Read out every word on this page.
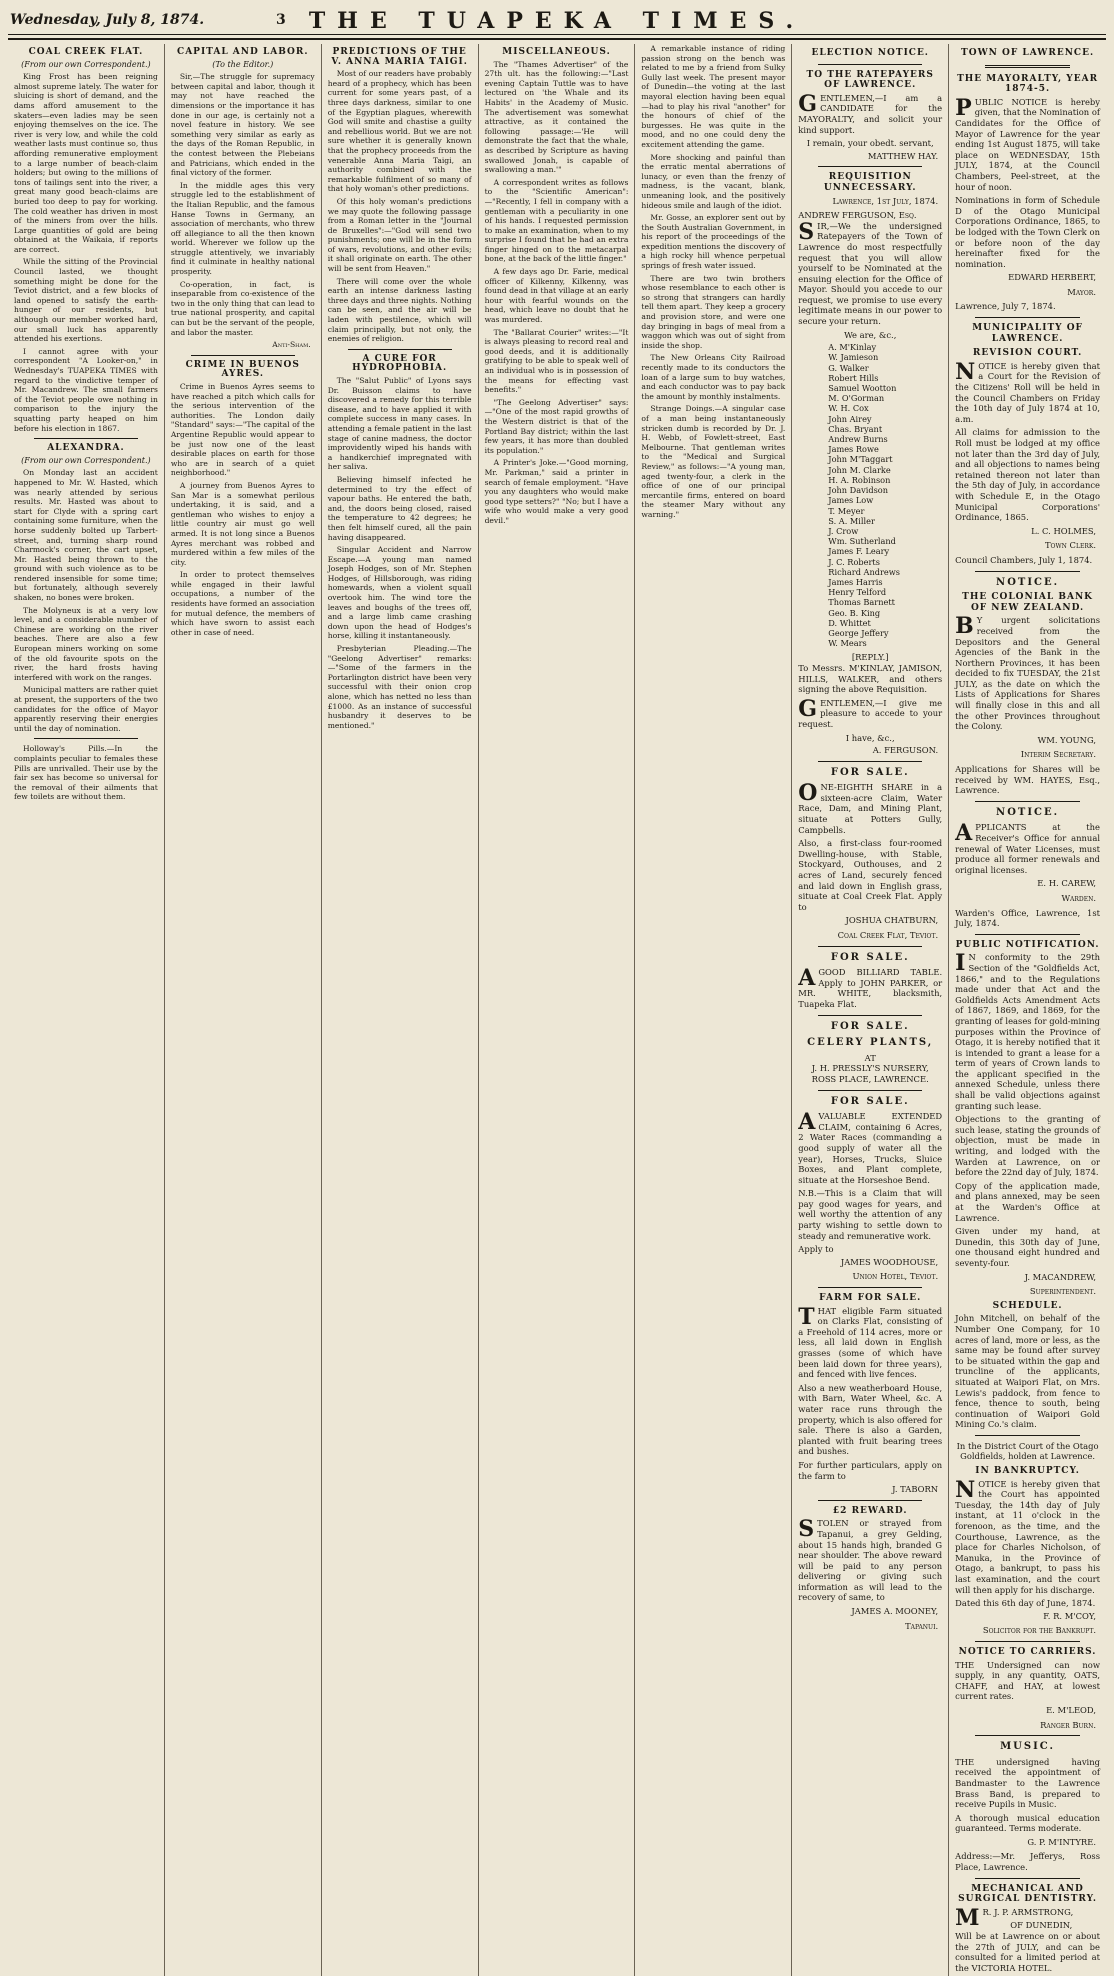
Wednesday, July 8, 1874.	3	THE TUAPEKA TIMES.
COAL CREEK FLAT.
(From our own Correspondent.)

King Frost has been reigning almost supreme lately. The water for sluicing is short of demand, and the dams afford amusement to the skaters—even ladies may be seen enjoying themselves on the ice. The river is very low, and while the cold weather lasts must continue so, thus affording remunerative employment to a large number of beach-claim holders; but owing to the millions of tons of tailings sent into the river, a great many good beach-claims are buried too deep to pay for working. The cold weather has driven in most of the miners from over the hills. Large quantities of gold are being obtained at the Waikaia, if reports are correct.

While the sitting of the Provincial Council lasted, we thought something might be done for the Teviot district, and a few blocks of land opened to satisfy the earth-hunger of our residents, but although our member worked hard, our small luck has apparently attended his exertions.

I cannot agree with your correspondent "A Looker-on," in Wednesday's TUAPEKA TIMES with regard to the vindictive temper of Mr. Macandrew. The small farmers of the Teviot people owe nothing in comparison to the injury the squatting party heaped on him before his election in 1867.

ALEXANDRA.
(From our own Correspondent.)

On Monday last an accident happened to Mr. W. Hasted, which was nearly attended by serious results. Mr. Hasted was about to start for Clyde with a spring cart containing some furniture, when the horse suddenly bolted up Tarbert-street, and, turning sharp round Charmock's corner, the cart upset, Mr. Hasted being thrown to the ground with such violence as to be rendered insensible for some time; but fortunately, although severely shaken, no bones were broken.

The Molyneux is at a very low level, and a considerable number of Chinese are working on the river beaches. There are also a few European miners working on some of the old favourite spots on the river, the hard frosts having interfered with work on the ranges.

Municipal matters are rather quiet at present, the supporters of the two candidates for the office of Mayor apparently reserving their energies until the day of nomination.

Holloway's Pills.—In the complaints peculiar to females these Pills are unrivalled. Their use by the fair sex has become so universal for the removal of their ailments that few toilets are without them.

CAPITAL AND LABOR.
(To the Editor.)

Sir,—The struggle for supremacy between capital and labor, though it may not have reached the dimensions or the importance it has done in our age, is certainly not a novel feature in history. We see something very similar as early as the days of the Roman Republic, in the contest between the Plebeians and Patricians, which ended in the final victory of the former.

In the middle ages this very struggle led to the establishment of the Italian Republic, and the famous Hanse Towns in Germany, an association of merchants, who threw off allegiance to all the then known world. Wherever we follow up the struggle attentively, we invariably find it culminate in healthy national prosperity.

Co-operation, in fact, is inseparable from co-existence of the two in the only thing that can lead to true national prosperity, and capital can but be the servant of the people, and labor the master.

Anti-Sham.
CRIME IN BUENOS AYRES.

Crime in Buenos Ayres seems to have reached a pitch which calls for the serious intervention of the authorities. The London daily "Standard" says:—"The capital of the Argentine Republic would appear to be just now one of the least desirable places on earth for those who are in search of a quiet neighborhood."

A journey from Buenos Ayres to San Mar is a somewhat perilous undertaking, it is said, and a gentleman who wishes to enjoy a little country air must go well armed. It is not long since a Buenos Ayres merchant was robbed and murdered within a few miles of the city.

In order to protect themselves while engaged in their lawful occupations, a number of the residents have formed an association for mutual defence, the members of which have sworn to assist each other in case of need.

PREDICTIONS OF THE V. ANNA MARIA TAIGI.

Most of our readers have probably heard of a prophecy, which has been current for some years past, of a three days darkness, similar to one of the Egyptian plagues, wherewith God will smite and chastise a guilty and rebellious world. But we are not sure whether it is generally known that the prophecy proceeds from the venerable Anna Maria Taigi, an authority combined with the remarkable fulfilment of so many of that holy woman's other predictions.

Of this holy woman's predictions we may quote the following passage from a Roman letter in the "Journal de Bruxelles":—"God will send two punishments; one will be in the form of wars, revolutions, and other evils; it shall originate on earth. The other will be sent from Heaven."

There will come over the whole earth an intense darkness lasting three days and three nights. Nothing can be seen, and the air will be laden with pestilence, which will claim principally, but not only, the enemies of religion.

A CURE FOR HYDROPHOBIA.

The "Salut Public" of Lyons says Dr. Buisson claims to have discovered a remedy for this terrible disease, and to have applied it with complete success in many cases. In attending a female patient in the last stage of canine madness, the doctor improvidently wiped his hands with a handkerchief impregnated with her saliva.

Believing himself infected he determined to try the effect of vapour baths. He entered the bath, and, the doors being closed, raised the temperature to 42 degrees; he then felt himself cured, all the pain having disappeared.

Singular Accident and Narrow Escape.—A young man named Joseph Hodges, son of Mr. Stephen Hodges, of Hillsborough, was riding homewards, when a violent squall overtook him. The wind tore the leaves and boughs of the trees off, and a large limb came crashing down upon the head of Hodges's horse, killing it instantaneously.

Presbyterian Pleading.—The "Geelong Advertiser" remarks:—"Some of the farmers in the Portarlington district have been very successful with their onion crop alone, which has netted no less than £1000. As an instance of successful husbandry it deserves to be mentioned."

MISCELLANEOUS.

The "Thames Advertiser" of the 27th ult. has the following:—"Last evening Captain Tuttle was to have lectured on 'the Whale and its Habits' in the Academy of Music. The advertisement was somewhat attractive, as it contained the following passage:—'He will demonstrate the fact that the whale, as described by Scripture as having swallowed Jonah, is capable of swallowing a man.'"

A correspondent writes as follows to the "Scientific American":—"Recently, I fell in company with a gentleman with a peculiarity in one of his hands. I requested permission to make an examination, when to my surprise I found that he had an extra finger hinged on to the metacarpal bone, at the back of the little finger."

A few days ago Dr. Farie, medical officer of Kilkenny, Kilkenny, was found dead in that village at an early hour with fearful wounds on the head, which leave no doubt that he was murdered.

The "Ballarat Courier" writes:—"It is always pleasing to record real and good deeds, and it is additionally gratifying to be able to speak well of an individual who is in possession of the means for effecting vast benefits."

"The Geelong Advertiser" says:—"One of the most rapid growths of the Western district is that of the Portland Bay district; within the last few years, it has more than doubled its population."

A Printer's Joke.—"Good morning, Mr. Parkman," said a printer in search of female employment. "Have you any daughters who would make good type setters?" "No; but I have a wife who would make a very good devil."

A remarkable instance of riding passion strong on the bench was related to me by a friend from Sulky Gully last week. The present mayor of Dunedin—the voting at the last mayoral election having been equal—had to play his rival "another" for the honours of chief of the burgesses. He was quite in the mood, and no one could deny the excitement attending the game.

More shocking and painful than the erratic mental aberrations of lunacy, or even than the frenzy of madness, is the vacant, blank, unmeaning look, and the positively hideous smile and laugh of the idiot.

Mr. Gosse, an explorer sent out by the South Australian Government, in his report of the proceedings of the expedition mentions the discovery of a high rocky hill whence perpetual springs of fresh water issued.

There are two twin brothers whose resemblance to each other is so strong that strangers can hardly tell them apart. They keep a grocery and provision store, and were one day bringing in bags of meal from a waggon which was out of sight from inside the shop.

The New Orleans City Railroad recently made to its conductors the loan of a large sum to buy watches, and each conductor was to pay back the amount by monthly instalments.

Strange Doings.—A singular case of a man being instantaneously stricken dumb is recorded by Dr. J. H. Webb, of Fowlett-street, East Melbourne. That gentleman writes to the "Medical and Surgical Review," as follows:—"A young man, aged twenty-four, a clerk in the office of one of our principal mercantile firms, entered on board the steamer Mary without any warning."

ELECTION NOTICE.
TO THE RATEPAYERS OF LAWRENCE.

GENTLEMEN,—I am a CANDIDATE for the MAYORALTY, and solicit your kind support.

I remain, your obedt. servant,
MATTHEW HAY.
REQUISITION UNNECESSARY.
Lawrence, 1st July, 1874.
ANDREW FERGUSON, Esq.

SIR,—We the undersigned Ratepayers of the Town of Lawrence do most respectfully request that you will allow yourself to be Nominated at the ensuing election for the Office of Mayor. Should you accede to our request, we promise to use every legitimate means in our power to secure your return.

We are, &c.,
A. M'Kinlay
W. Jamieson
G. Walker
Robert Hills
Samuel Wootton
M. O'Gorman
W. H. Cox
John Airey
Chas. Bryant
Andrew Burns
James Rowe
John M'Taggart
John M. Clarke
H. A. Robinson
John Davidson
James Low
T. Meyer
S. A. Miller
J. Crow
Wm. Sutherland
James F. Leary
J. C. Roberts
Richard Andrews
James Harris
Henry Telford
Thomas Barnett
Geo. B. King
D. Whittet
George Jeffery
W. Mears
[REPLY.]

To Messrs. M'KINLAY, JAMISON, HILLS, WALKER, and others signing the above Requisition.

GENTLEMEN,—I give me pleasure to accede to your request.

I have, &c.,
A. FERGUSON.
FOR SALE.

ONE-EIGHTH SHARE in a sixteen-acre Claim, Water Race, Dam, and Mining Plant, situate at Potters Gully, Campbells.

Also, a first-class four-roomed Dwelling-house, with Stable, Stockyard, Outhouses, and 2 acres of Land, securely fenced and laid down in English grass, situate at Coal Creek Flat. Apply to

JOSHUA CHATBURN,
Coal Creek Flat, Teviot.
FOR SALE.

AGOOD BILLIARD TABLE. Apply to JOHN PARKER, or MR. WHITE, blacksmith, Tuapeka Flat.

FOR SALE.
CELERY PLANTS,
AT
J. H. PRESSLY'S NURSERY,
ROSS PLACE, LAWRENCE.
FOR SALE.

AVALUABLE EXTENDED CLAIM, containing 6 Acres, 2 Water Races (commanding a good supply of water all the year), Horses, Trucks, Sluice Boxes, and Plant complete, situate at the Horseshoe Bend.

N.B.—This is a Claim that will pay good wages for years, and well worthy the attention of any party wishing to settle down to steady and remunerative work.

Apply to
JAMES WOODHOUSE,
Union Hotel, Teviot.
FARM FOR SALE.

THAT eligible Farm situated on Clarks Flat, consisting of a Freehold of 114 acres, more or less, all laid down in English grasses (some of which have been laid down for three years), and fenced with live fences.

Also a new weatherboard House, with Barn, Water Wheel, &c. A water race runs through the property, which is also offered for sale. There is also a Garden, planted with fruit bearing trees and bushes.

For further particulars, apply on the farm to

J. TABORN
£2 REWARD.

STOLEN or strayed from Tapanui, a grey Gelding, about 15 hands high, branded G near shoulder. The above reward will be paid to any person delivering or giving such information as will lead to the recovery of same, to

JAMES A. MOONEY,
Tapanui.
TOWN OF LAWRENCE.
THE MAYORALTY, YEAR 1874-5.

PUBLIC NOTICE is hereby given, that the Nomination of Candidates for the Office of Mayor of Lawrence for the year ending 1st August 1875, will take place on WEDNESDAY, 15th JULY, 1874, at the Council Chambers, Peel-street, at the hour of noon.

Nominations in form of Schedule D of the Otago Municipal Corporations Ordinance, 1865, to be lodged with the Town Clerk on or before noon of the day hereinafter fixed for the nomination.

EDWARD HERBERT,
Mayor.
Lawrence, July 7, 1874.
MUNICIPALITY OF LAWRENCE.
REVISION COURT.

NOTICE is hereby given that a Court for the Revision of the Citizens' Roll will be held in the Council Chambers on Friday the 10th day of July 1874 at 10, a.m.

All claims for admission to the Roll must be lodged at my office not later than the 3rd day of July, and all objections to names being retained thereon not later than the 5th day of July, in accordance with Schedule E, in the Otago Municipal Corporations' Ordinance, 1865.

L. C. HOLMES,
Town Clerk.
Council Chambers, July 1, 1874.
NOTICE.
THE COLONIAL BANK OF NEW ZEALAND.

B Y urgent solicitations received from the Depositors and the General Agencies of the Bank in the Northern Provinces, it has been decided to fix TUESDAY, the 21st JULY, as the date on which the Lists of Applications for Shares will finally close in this and all the other Provinces throughout the Colony.

WM. YOUNG,
Interim Secretary.

Applications for Shares will be received by WM. HAYES, Esq., Lawrence.

NOTICE.

APPLICANTS at the Receiver's Office for annual renewal of Water Licenses, must produce all former renewals and original licenses.

E. H. CAREW,
Warden.
Warden's Office, Lawrence, 1st July, 1874.
PUBLIC NOTIFICATION.

I N conformity to the 29th Section of the "Goldfields Act, 1866," and to the Regulations made under that Act and the Goldfields Acts Amendment Acts of 1867, 1869, and 1869, for the granting of leases for gold-mining purposes within the Province of Otago, it is hereby notified that it is intended to grant a lease for a term of years of Crown lands to the applicant specified in the annexed Schedule, unless there shall be valid objections against granting such lease.

Objections to the granting of such lease, stating the grounds of objection, must be made in writing, and lodged with the Warden at Lawrence, on or before the 22nd day of July, 1874.

Copy of the application made, and plans annexed, may be seen at the Warden's Office at Lawrence.

Given under my hand, at Dunedin, this 30th day of June, one thousand eight hundred and seventy-four.

J. MACANDREW,
Superintendent.
SCHEDULE.

John Mitchell, on behalf of the Number One Company, for 10 acres of land, more or less, as the same may be found after survey to be situated within the gap and truncline of the applicants, situated at Waipori Flat, on Mrs. Lewis's paddock, from fence to fence, thence to south, being continuation of Waipori Gold Mining Co.'s claim.

In the District Court of the Otago Goldfields, holden at Lawrence.

IN BANKRUPTCY.

NOTICE is hereby given that the Court has appointed Tuesday, the 14th day of July instant, at 11 o'clock in the forenoon, as the time, and the Courthouse, Lawrence, as the place for Charles Nicholson, of Manuka, in the Province of Otago, a bankrupt, to pass his last examination, and the court will then apply for his discharge.

Dated this 6th day of June, 1874.
F. R. M'COY,
Solicitor for the Bankrupt.
NOTICE TO CARRIERS.

THE Undersigned can now supply, in any quantity, OATS, CHAFF, and HAY, at lowest current rates.

E. M'LEOD,
Ranger Burn.
MUSIC.

THE undersigned having received the appointment of Bandmaster to the Lawrence Brass Band, is prepared to receive Pupils in Music.

A thorough musical education guaranteed. Terms moderate.

G. P. M'INTYRE.

Address:—Mr. Jefferys, Ross Place, Lawrence.

MECHANICAL AND SURGICAL DENTISTRY.

M R. J. P. ARMSTRONG,

OF DUNEDIN,

Will be at Lawrence on or about the 27th of JULY, and can be consulted for a limited period at the VICTORIA HOTEL.
